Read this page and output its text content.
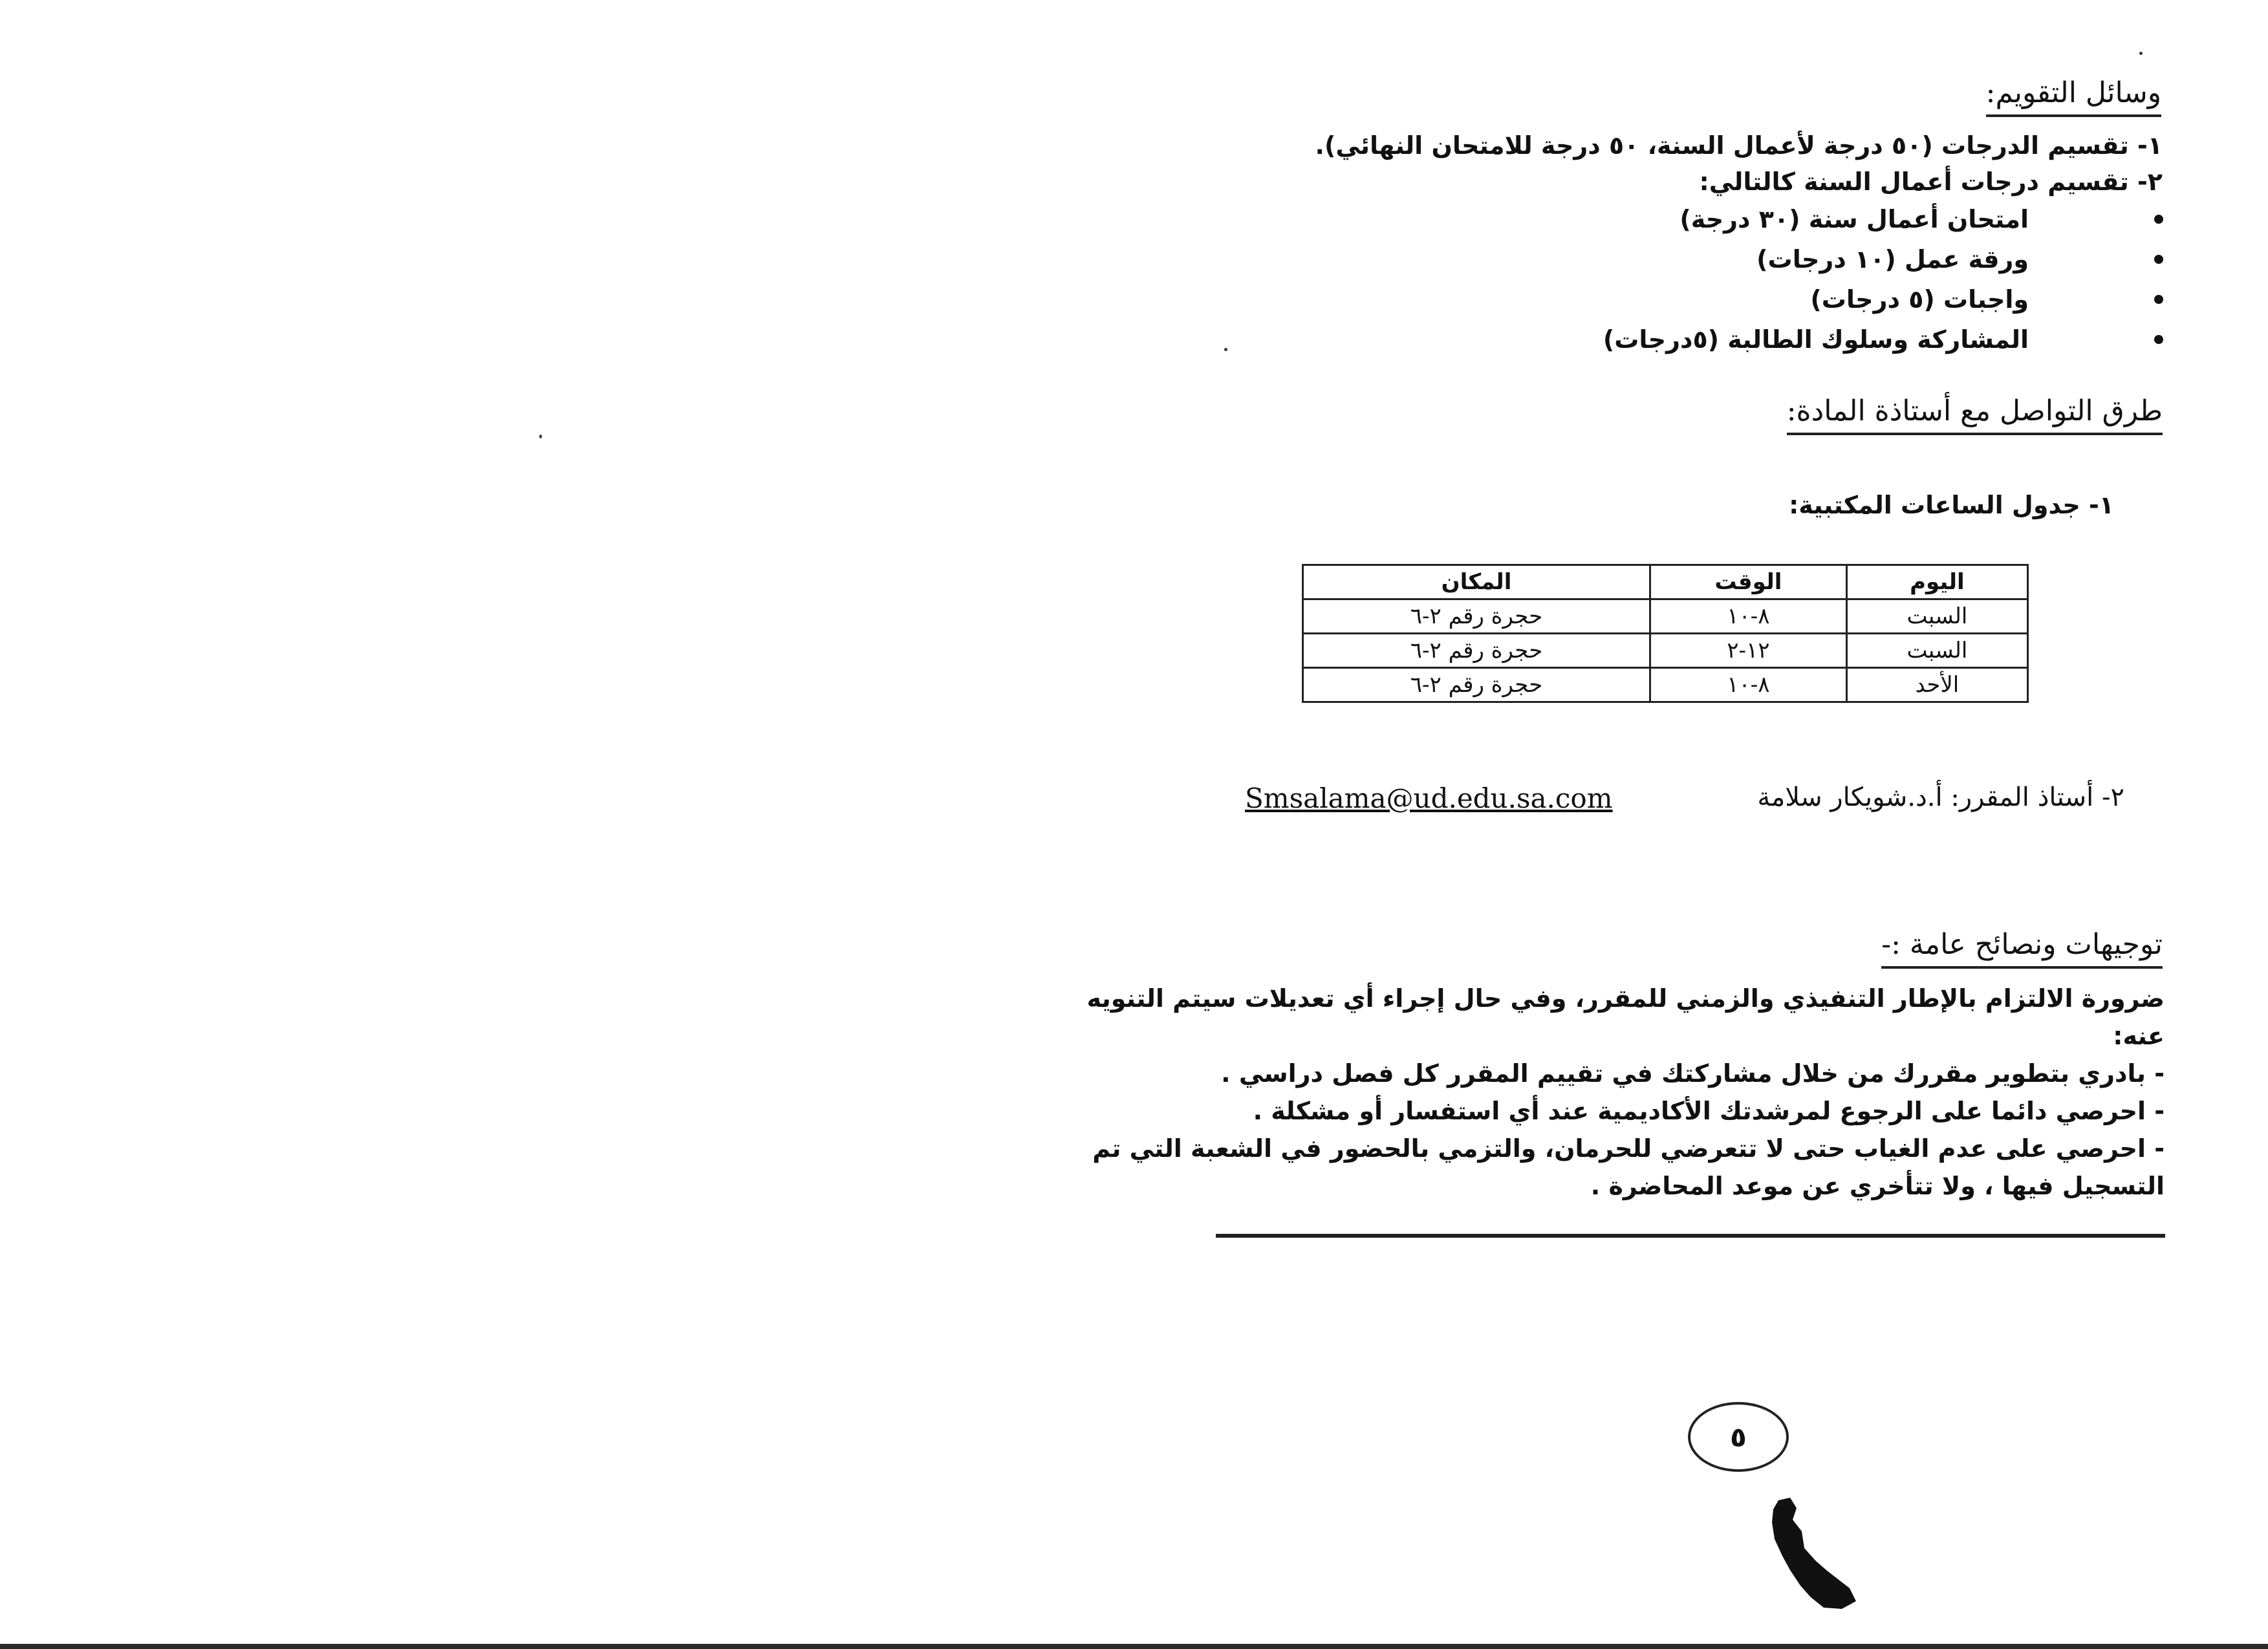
وسائل التقويم:
١- تقسيم الدرجات (٥٠ درجة لأعمال السنة، ٥٠ درجة للامتحان النهائي).
٢- تقسيم درجات أعمال السنة كالتالي:
امتحان أعمال سنة (٣٠ درجة)
ورقة عمل (١٠ درجات)
واجبات (٥ درجات)
المشاركة وسلوك الطالبة (٥درجات)
طرق التواصل مع أستاذة المادة:
١- جدول الساعات المكتبية:
اليوم	الوقت	المكان
السبت	٨-١٠	حجرة رقم ٢-٦
السبت	١٢-٢	حجرة رقم ٢-٦
الأحد	٨-١٠	حجرة رقم ٢-٦
٢- أستاذ المقرر: أ.د.شويكار سلامة
Smsalama@ud.edu.sa.com
توجيهات ونصائح عامة :-
ضرورة الالتزام بالإطار التنفيذي والزمني للمقرر، وفي حال إجراء أي تعديلات سيتم التنويه عنه:
- بادري بتطوير مقررك من خلال مشاركتك في تقييم المقرر كل فصل دراسي .
- احرصي دائما على الرجوع لمرشدتك الأكاديمية عند أي استفسار أو مشكلة .
- احرصي على عدم الغياب حتى لا تتعرضي للحرمان، والتزمي بالحضور في الشعبة التي تم التسجيل فيها ، ولا تتأخري عن موعد المحاضرة .
٥
